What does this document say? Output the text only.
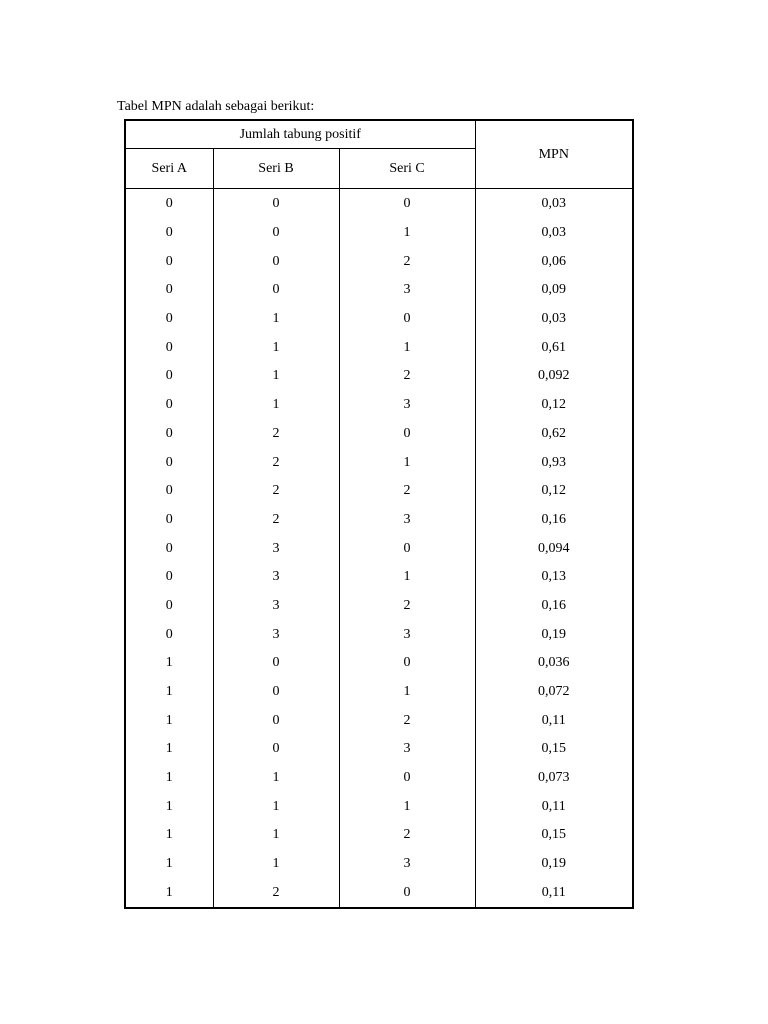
Tabel MPN adalah sebagai berikut:
Jumlah tabung positif			MPN
Seri A	Seri B	Seri C	
0	0	0	0,03
0	0	1	0,03
0	0	2	0,06
0	0	3	0,09
0	1	0	0,03
0	1	1	0,61
0	1	2	0,092
0	1	3	0,12
0	2	0	0,62
0	2	1	0,93
0	2	2	0,12
0	2	3	0,16
0	3	0	0,094
0	3	1	0,13
0	3	2	0,16
0	3	3	0,19
1	0	0	0,036
1	0	1	0,072
1	0	2	0,11
1	0	3	0,15
1	1	0	0,073
1	1	1	0,11
1	1	2	0,15
1	1	3	0,19
1	2	0	0,11
